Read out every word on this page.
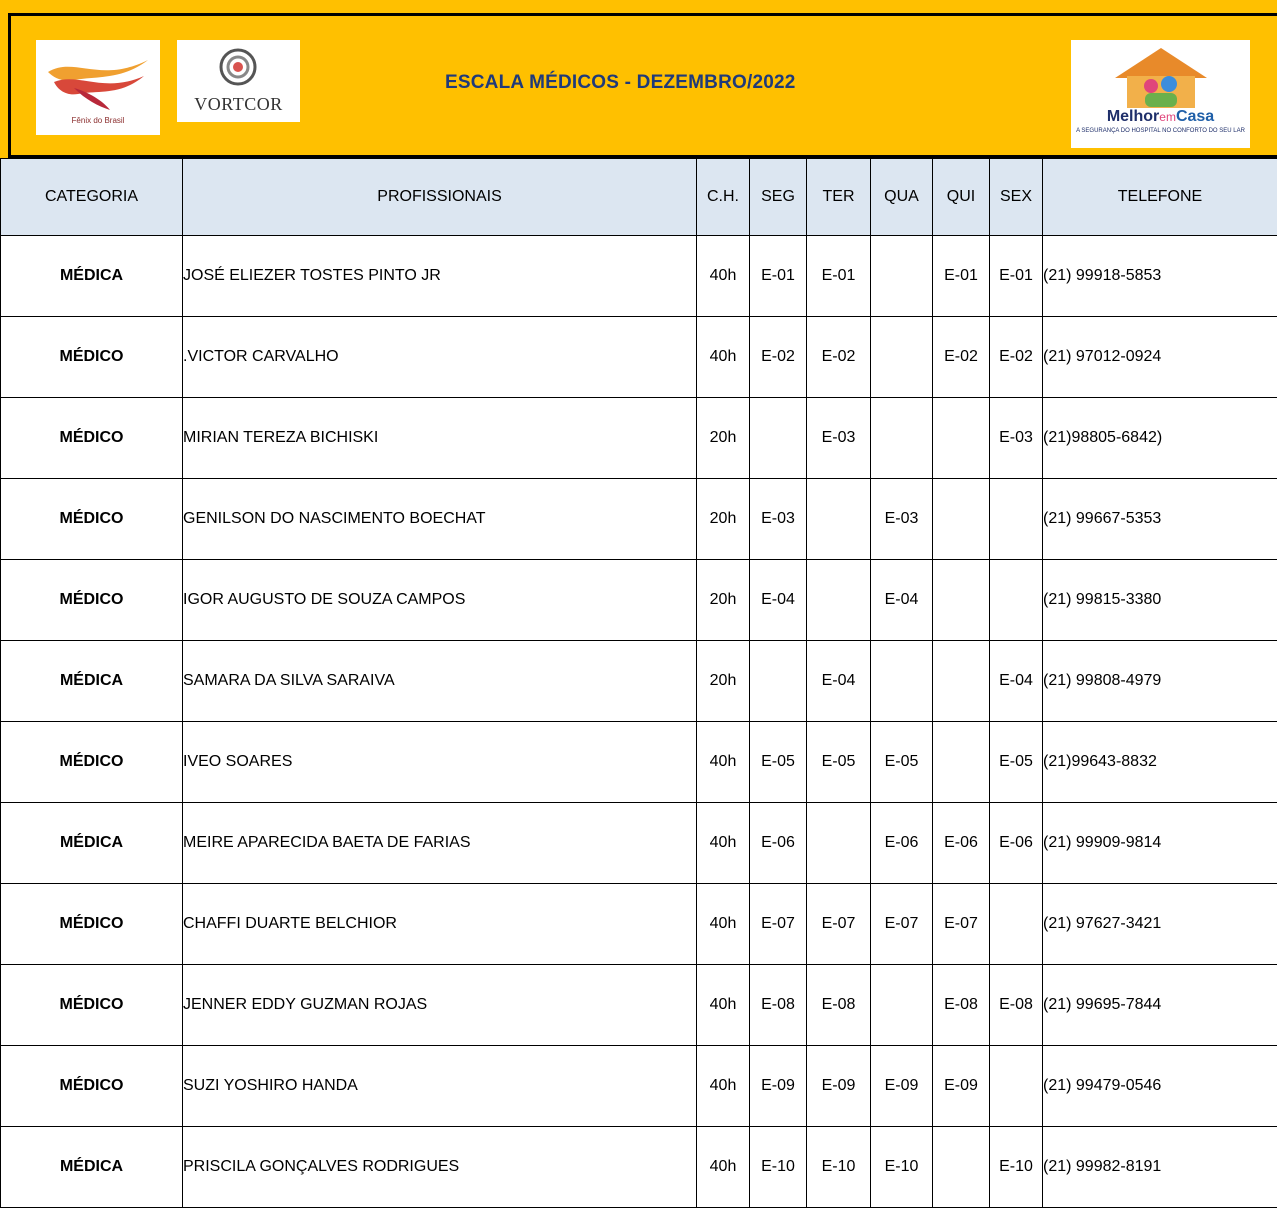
Fênix do Brasil
VORTCOR
ESCALA MÉDICOS - DEZEMBRO/2022
MelhoremCasa
A SEGURANÇA DO HOSPITAL NO CONFORTO DO SEU LAR
CATEGORIA	PROFISSIONAIS	C.H.	SEG	TER	QUA	QUI	SEX	TELEFONE
MÉDICA	JOSÉ ELIEZER TOSTES PINTO JR	40h	E-01	E-01		E-01	E-01	(21) 99918-5853
MÉDICO	.VICTOR CARVALHO	40h	E-02	E-02		E-02	E-02	(21) 97012-0924
MÉDICO	MIRIAN TEREZA BICHISKI	20h		E-03			E-03	(21)98805-6842)
MÉDICO	GENILSON DO NASCIMENTO BOECHAT	20h	E-03		E-03			(21) 99667-5353
MÉDICO	IGOR AUGUSTO DE SOUZA CAMPOS	20h	E-04		E-04			(21) 99815-3380
MÉDICA	SAMARA DA SILVA SARAIVA	20h		E-04			E-04	(21) 99808-4979
MÉDICO	IVEO SOARES	40h	E-05	E-05	E-05		E-05	(21)99643-8832
MÉDICA	MEIRE APARECIDA BAETA DE FARIAS	40h	E-06		E-06	E-06	E-06	(21) 99909-9814
MÉDICO	CHAFFI DUARTE BELCHIOR	40h	E-07	E-07	E-07	E-07		(21) 97627-3421
MÉDICO	JENNER EDDY GUZMAN ROJAS	40h	E-08	E-08		E-08	E-08	(21) 99695-7844
MÉDICO	SUZI YOSHIRO HANDA	40h	E-09	E-09	E-09	E-09		(21) 99479-0546
MÉDICA	PRISCILA GONÇALVES RODRIGUES	40h	E-10	E-10	E-10		E-10	(21) 99982-8191
